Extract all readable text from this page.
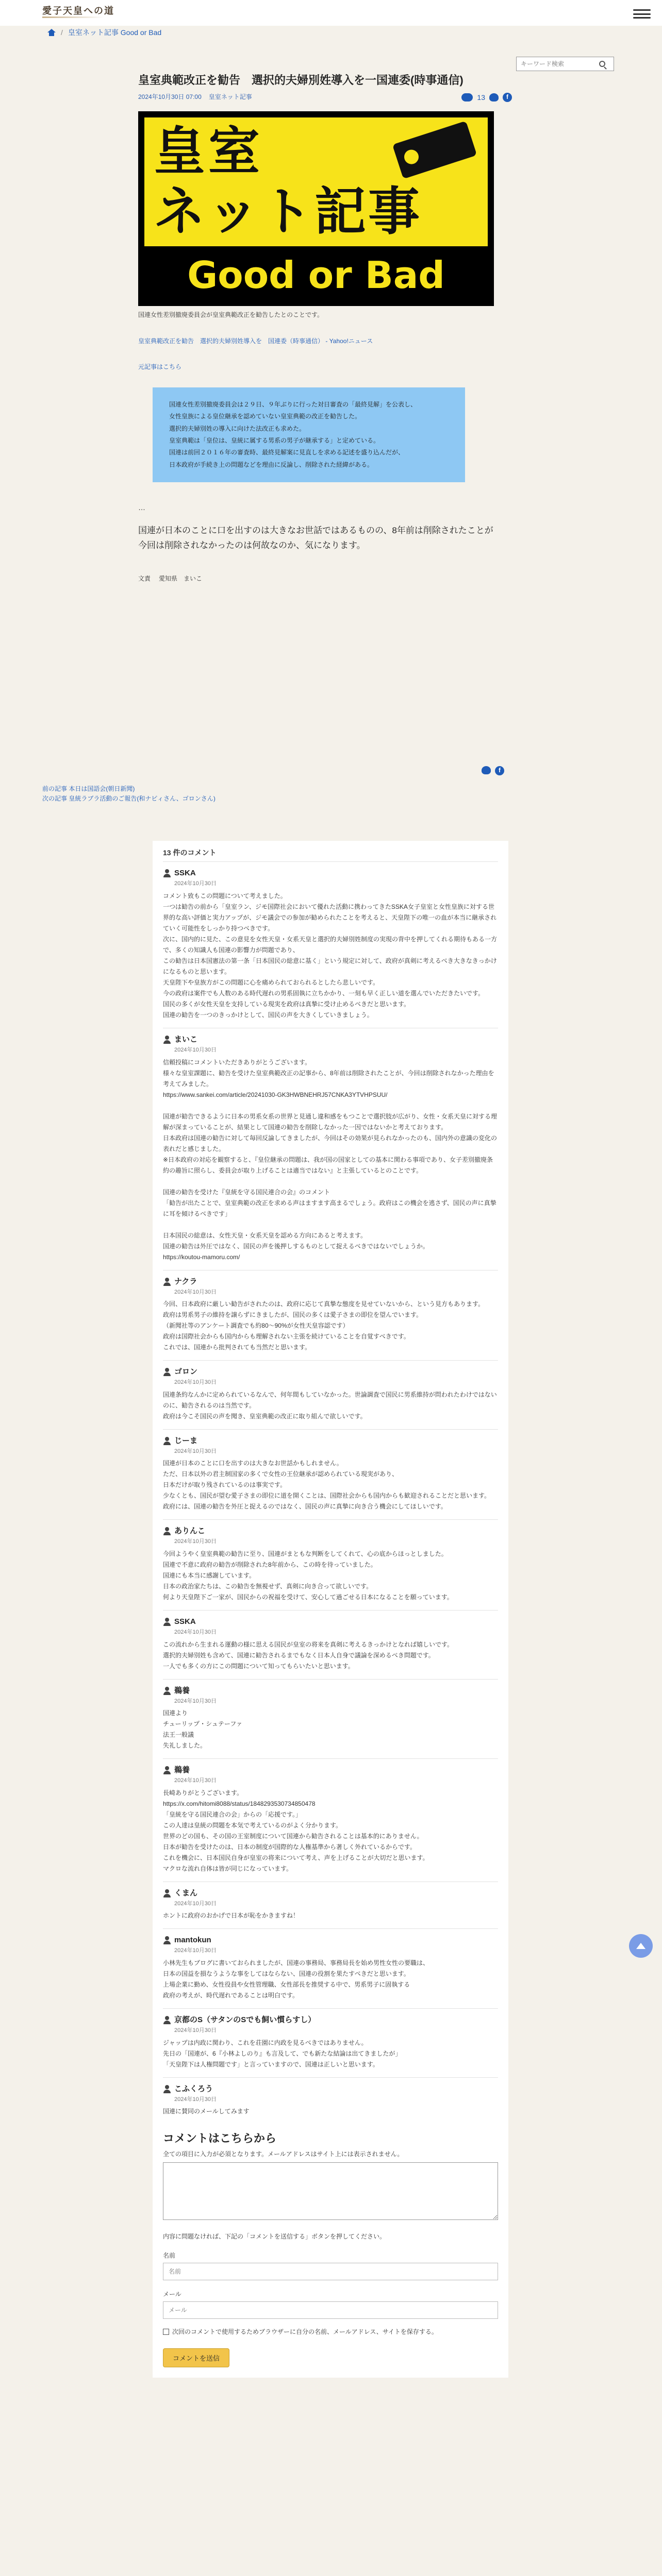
愛子天皇への道
/ 皇室ネット記事 Good or Bad
キーワード検索
皇室典範改正を勧告　選択的夫婦別姓導入を一国連委(時事通信)
2024年10月30日 07:00 皇室ネット記事	13	f
皇室
ネット記事
Good or Bad

国連女性差別撤廃委員会が皇室典範改正を勧告したとのことです。

皇室典範改正を勧告　選択的夫婦別姓導入を　国連委（時事通信） - Yahoo!ニュース

元記事はこちら

国連女性差別撤廃委員会は２９日、９年ぶりに行った対日審査の「最終見解」を公表し、
女性皇族による皇位継承を認めていない皇室典範の改正を勧告した。
選択的夫婦別姓の導入に向けた法改正も求めた。
皇室典範は「皇位は、皇統に属する男系の男子が継承する」と定めている。
国連は前回２０１６年の審査時、最終見解案に見直しを求める記述を盛り込んだが、
日本政府が手続き上の問題などを理由に反論し、削除された経緯がある。

…

国連が日本のことに口を出すのは大きなお世話ではあるものの、8年前は削除されたことが

今回は削除されなかったのは何故なのか、気になります。

文責 愛知県　まいこ
f
前の記事 本日は国語会(朝日新聞)
次の記事 皇統ラブラ活動のご報告(和ナビィさん、ゴロンさん)
13 件のコメント
SSKA
2024年10月30日
コメント致もこの問題について考えました。
一つは勧告の前から「皇室ラン、ジモ国際社会において優れた活動に携わってきたSSKA女子皇室と女性皇族に対する世界的な高い評価と実力アップが、ジモ議会での参加が勧められたことを考えると、天皇陛下の唯一の血が本当に継承されていく可能性をしっかり持つべきです。
次に、国内的に見た、この意見を女性天皇・女系天皇と選択的夫婦別姓制度の実現の背中を押してくれる期待もある一方で、多くの知識人も国連の影響力が問題であり、
この勧告は日本国憲法の第一条「日本国民の総意に基く」という規定に対して、政府が真剣に考えるべき大きなきっかけになるものと思います。
天皇陛下や皇族方がこの問題に心を痛められておられるとしたら悲しいです。
今の政府は案件でも人数のある時代遅れの男系固執に立ちかかり、一刻も早く正しい道を選んでいただきたいです。
国民の多くが女性天皇を支持している現実を政府は真摯に受け止めるべきだと思います。
国連の勧告を一つのきっかけとして、国民の声を大きくしていきましょう。
まいこ
2024年10月30日
信頼投稿にコメントいただきありがとうございます。
様々な皇室課題に、勧告を受けた皇室典範改正の記事から、8年前は削除されたことが、今回は削除されなかった理由を考えてみました。
https://www.sankei.com/article/20241030-GK3HWBNEHRJ57CNKA3YTVHPSUU/

国連が勧告できるように日本の男系女系の世界と見通し違和感をもつことで選択肢が広がり、女性・女系天皇に対する理解が深まっていることが、結果として国連の勧告を削除しなかった一因ではないかと考えております。
日本政府は国連の勧告に対して毎回反論してきましたが、今回はその効果が見られなかったのも、国内外の意識の変化の表れだと感じました。
※日本政府の対応を観察すると、『皇位継承の問題は、我が国の国家としての基本に関わる事項であり、女子差別撤廃条約の趣旨に照らし、委員会が取り上げることは適当ではない』と主張しているとのことです。

国連の勧告を受けた『皇統を守る国民連合の会』のコメント
「勧告が出たことで、皇室典範の改正を求める声はますます高まるでしょう。政府はこの機会を逃さず、国民の声に真摯に耳を傾けるべきです」

日本国民の総意は、女性天皇・女系天皇を認める方向にあると考えます。
国連の勧告は外圧ではなく、国民の声を後押しするものとして捉えるべきではないでしょうか。
https://koutou-mamoru.com/
ナクラ
2024年10月30日
今回、日本政府に厳しい勧告がされたのは、政府に応じて真摯な態度を見せていないから、という見方もあります。
政府は男系男子の維持を譲らずにきましたが、国民の多くは愛子さまの即位を望んでいます。
（新聞社等のアンケート調査でも約80〜90%が女性天皇容認です）
政府は国際社会からも国内からも理解されない主張を続けていることを自覚すべきです。
これでは、国連から批判されても当然だと思います。
ゴロン
2024年10月30日
国連条約なんかに定められているなんで、何年間もしていなかった。世論調査で国民に男系維持が問われたわけではないのに、勧告されるのは当然です。
政府は今こそ国民の声を聞き、皇室典範の改正に取り組んで欲しいです。
じーま
2024年10月30日
国連が日本のことに口を出すのは大きなお世話かもしれません。
ただ、日本以外の君主制国家の多くで女性の王位継承が認められている現実があり、
日本だけが取り残されているのは事実です。
少なくとも、国民が望む愛子さまの即位に道を開くことは、国際社会からも国内からも歓迎されることだと思います。
政府には、国連の勧告を外圧と捉えるのではなく、国民の声に真摯に向き合う機会にしてほしいです。
ありんこ
2024年10月30日
今回ようやく皇室典範の勧告に至り、国連がまともな判断をしてくれて、心の底からほっとしました。
国連で不意に政府の勧告が削除された8年前から、この時を待っていました。
国連にも本当に感謝しています。
日本の政治家たちは、この勧告を無視せず、真剣に向き合って欲しいです。
何より天皇陛下ご一家が、国民からの祝福を受けて、安心して過ごせる日本になることを願っています。
SSKA
2024年10月30日
この流れから生まれる運動の様に思える国民が皇室の将来を真剣に考えるきっかけとなれば嬉しいです。
選択的夫婦別姓も含めて、国連に勧告されるまでもなく日本人自身で議論を深めるべき問題です。
一人でも多くの方にこの問題について知ってもらいたいと思います。
鵜養
2024年10月30日
国連より
チューリップ・シュテーファ
法王一般議
失礼しました。
鵜養
2024年10月30日
長崎ありがとうございます。
https://x.com/hitomi8088/status/1848293530734850478
「皇統を守る国民連合の会」からの「応援です。」
この人達は皇統の問題を本気で考えているのがよく分かります。
世界のどの国も、その国の王室制度について国連から勧告されることは基本的にありません。
日本が勧告を受けたのは、日本の制度が国際的な人権基準から著しく外れているからです。
これを機会に、日本国民自身が皇室の将来について考え、声を上げることが大切だと思います。
マクロな流れ自体は皆が同じになっています。
くまん
2024年10月30日
ホントに政府のおかげで日本が恥をかきますね！
mantokun
2024年10月30日
小林先生もブログに書いておられましたが、国連の事務局、事務局長を始め男性女性の要職は、
日本の国益を損なうような事をしてはならない、国連の役割を果たすべきだと思います。
上場企業に勤め、女性役員や女性管理職、女性部長を推奨する中で、男系男子に固執する
政府の考えが、時代遅れであることは明白です。
京都のS（サタンのSでも飼い慣らすし）
2024年10月30日
ジャップは内政に関わり、これを荘園に内政を見るべきではありません。
先日の「国連が、6『小林よしのり』も言及して、でも新たな結論は出てきましたが」
「天皇陛下は人権問題です」と言っていますので、国連は正しいと思います。
こふくろう
2024年10月30日
国連に賛同のメールしてみます
コメントはこちらから
全ての項目に入力が必須となります。メールアドレスはサイト上には表示されません。
内容に問題なければ、下記の「コメントを送信する」ボタンを押してください。
名前
名前
メール
メール
次回のコメントで使用するためブラウザーに自分の名前、メールアドレス、サイトを保存する。
コメントを送信
